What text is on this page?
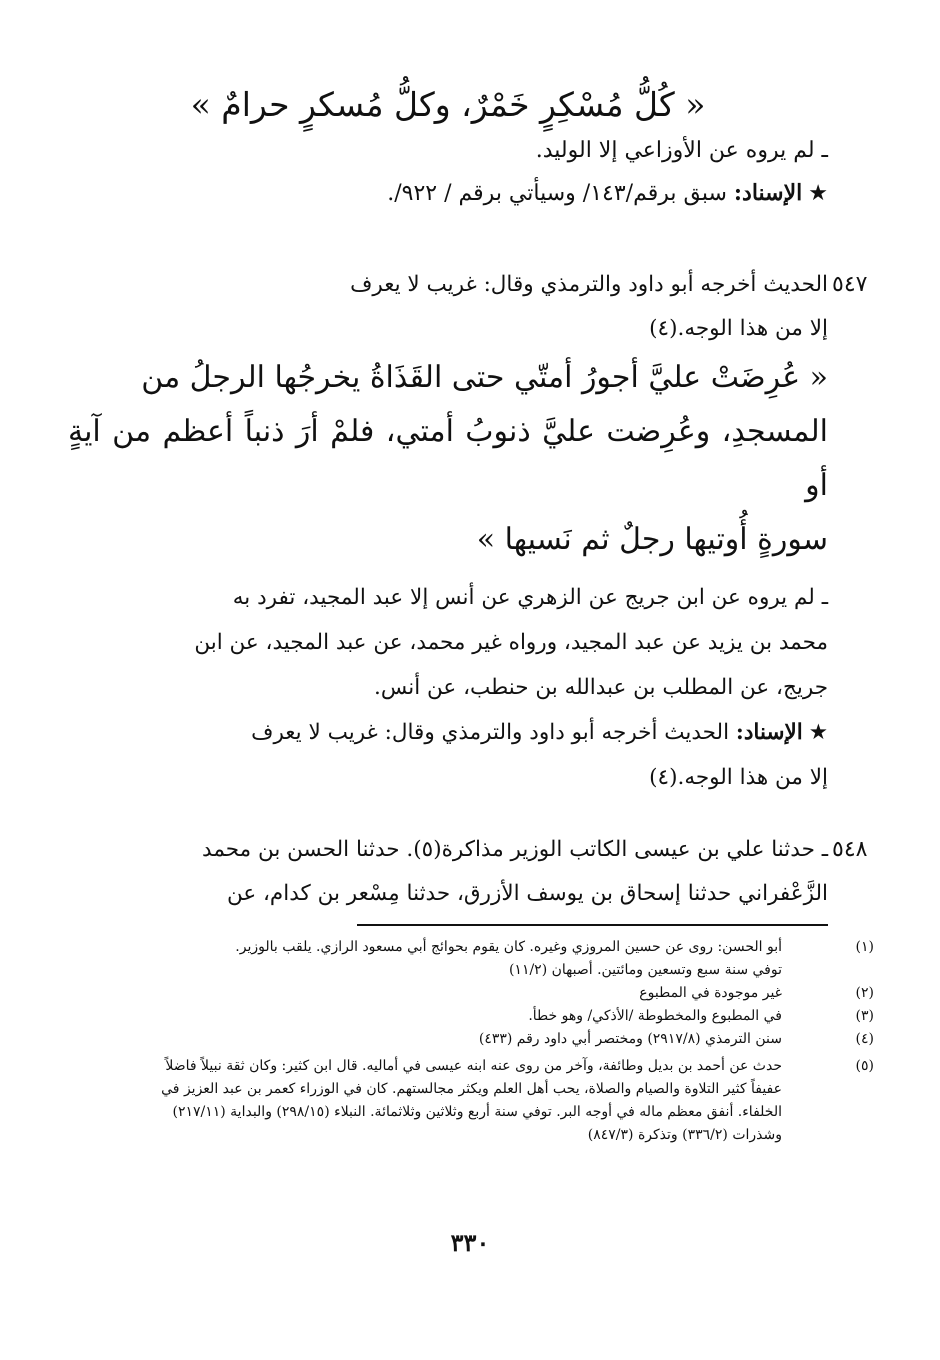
« كُلُّ مُسْكِرٍ خَمْرٌ، وكلُّ مُسكرٍ حرامٌ »

ـ لم يروه عن الأوزاعي إلا الوليد.

★الإسناد: سبق برقم/١٤٣/ وسيأتي برقم / ٩٢٢/.

٥٤٧

الحديث أخرجه أبو داود والترمذي وقال: غريب لا يعرف

إلا من هذا الوجه.(٤)

« عُرِضَتْ عليَّ أجورُ أمتّي حتى القَذَاةُ يخرجُها الرجلُ من

المسجدِ، وعُرِضت عليَّ ذنوبُ أمتي، فلمْ أرَ ذنباً أعظم من آيةٍ أو

سورةٍ أُوتيها رجلٌ ثم نَسيها »

ـ لم يروه عن ابن جريج عن الزهري عن أنس إلا عبد المجيد، تفرد به

محمد بن يزيد عن عبد المجيد، ورواه غير محمد، عن عبد المجيد، عن ابن

جريج، عن المطلب بن عبدالله بن حنطب، عن أنس.

★الإسناد: الحديث أخرجه أبو داود والترمذي وقال: غريب لا يعرف

إلا من هذا الوجه.(٤)

٥٤٨

ـ حدثنا علي بن عيسى الكاتب الوزير مذاكرة(٥). حدثنا الحسن بن محمد

الزَّعْفراني حدثنا إسحاق بن يوسف الأزرق، حدثنا مِسْعر بن كدام، عن

(١)
أبو الحسن: روى عن حسين المروزي وغيره. كان يقوم بحوائج أبي مسعود الرازي. يلقب بالوزير.
توفي سنة سبع وتسعين ومائتين. أصبهان (١١/٢)
(٢)
غير موجودة في المطبوع
(٣)
في المطبوع والمخطوطة /الأذكي/ وهو خطأ.
(٤)
سنن الترمذي (٢٩١٧/٨) ومختصر أبي داود رقم (٤٣٣)
(٥)
حدث عن أحمد بن بديل وطائفة، وآخر من روى عنه ابنه عيسى في أماليه. قال ابن كثير: وكان ثقة نبيلاً فاضلاً
عفيفاً كثير التلاوة والصيام والصلاة، يحب أهل العلم ويكثر مجالستهم. كان في الوزراء كعمر بن عبد العزيز في
الخلفاء. أنفق معظم ماله في أوجه البر. توفي سنة أربع وثلاثين وثلاثمائة. النبلاء (٢٩٨/١٥) والبداية (٢١٧/١١)
وشذرات (٣٣٦/٢) وتذكرة (٨٤٧/٣)
٣٣٠
